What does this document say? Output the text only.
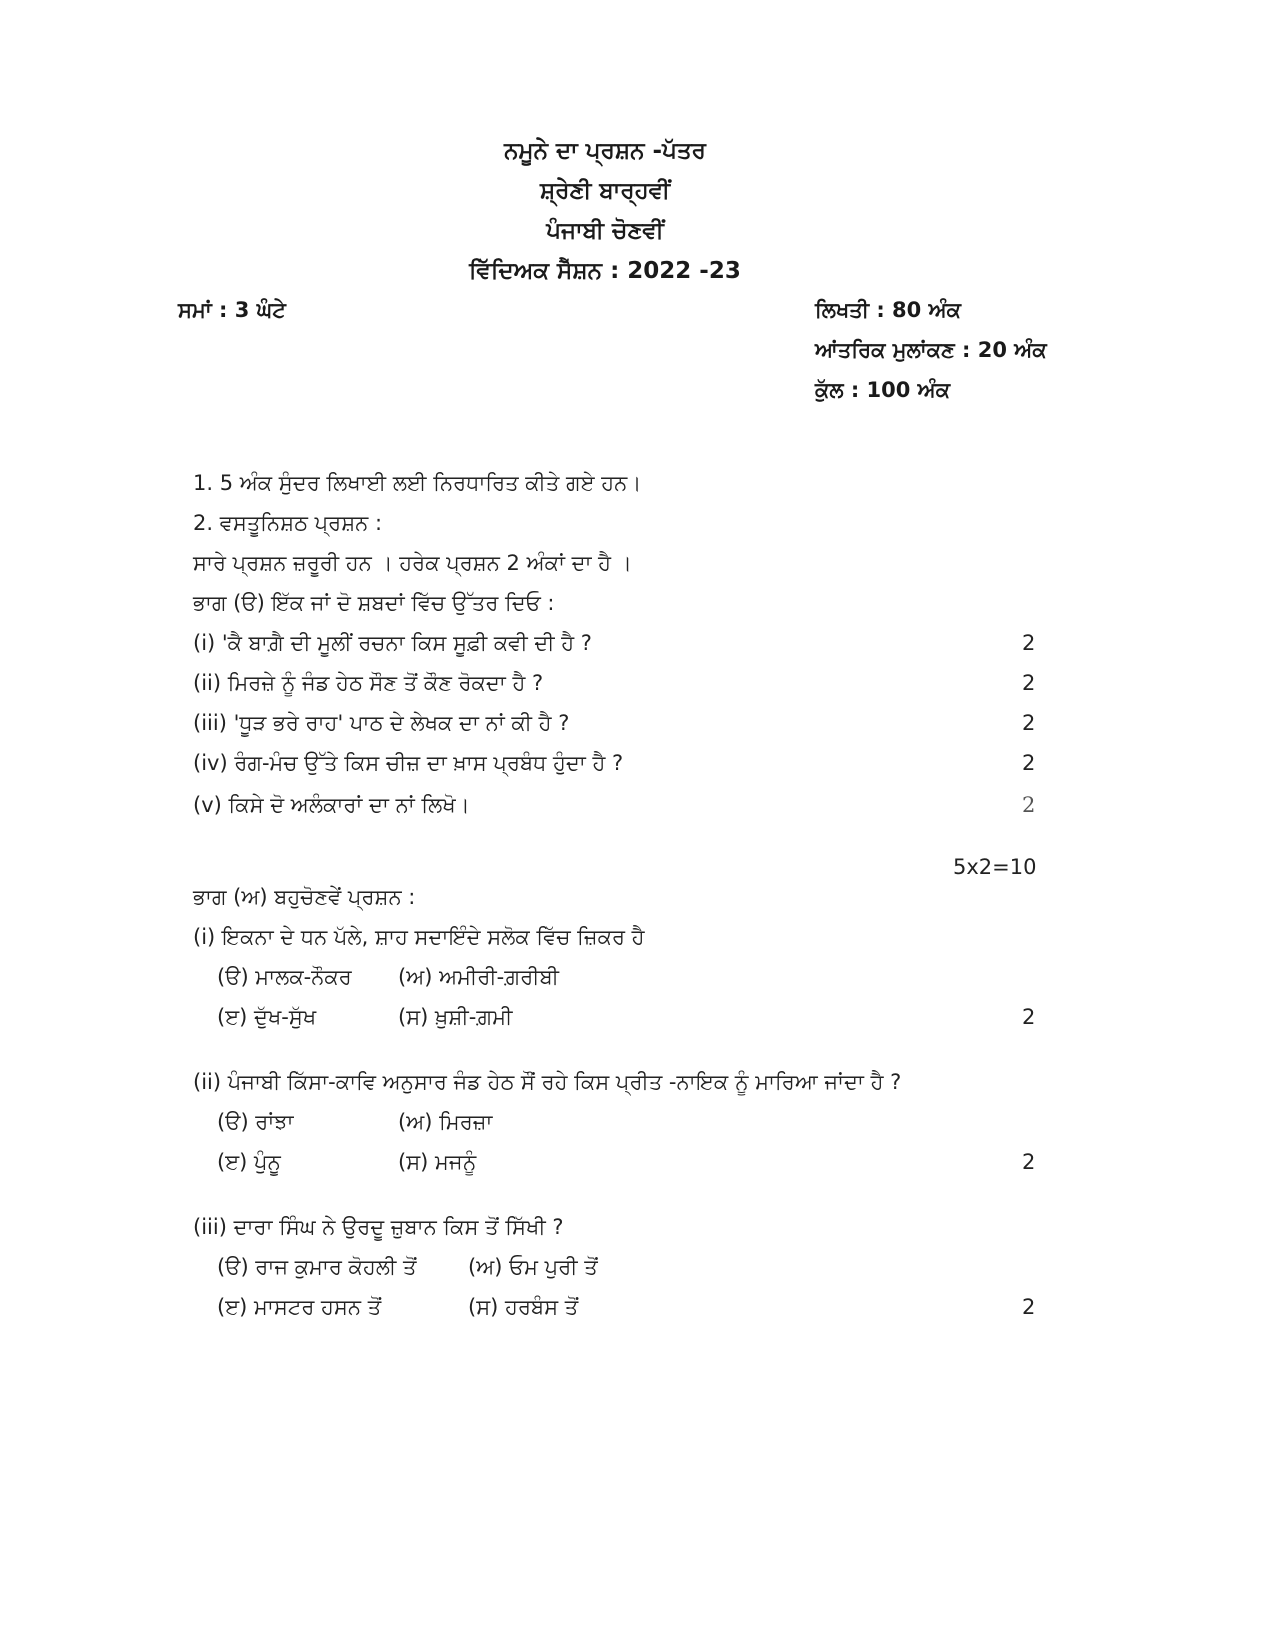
ਨਮੂਨੇ ਦਾ ਪ੍ਰਸ਼ਨ -ਪੱਤਰ
ਸ਼੍ਰੇਣੀ ਬਾਰ੍ਹਵੀਂ
ਪੰਜਾਬੀ ਚੋਣਵੀਂ
ਵਿੱਦਿਅਕ ਸੈੱਸ਼ਨ : 2022 -23
ਸਮਾਂ : 3 ਘੰਟੇ	ਲਿਖਤੀ : 80 ਅੰਕ
ਆਂਤਰਿਕ ਮੁਲਾਂਕਣ : 20 ਅੰਕ
ਕੁੱਲ : 100 ਅੰਕ
1. 5 ਅੰਕ ਸੁੰਦਰ ਲਿਖਾਈ ਲਈ ਨਿਰਧਾਰਿਤ ਕੀਤੇ ਗਏ ਹਨ।
2. ਵਸਤੂਨਿਸ਼ਠ ਪ੍ਰਸ਼ਨ :
ਸਾਰੇ ਪ੍ਰਸ਼ਨ ਜ਼ਰੂਰੀ ਹਨ । ਹਰੇਕ ਪ੍ਰਸ਼ਨ 2 ਅੰਕਾਂ ਦਾ ਹੈ ।
ਭਾਗ (ੳ) ਇੱਕ ਜਾਂ ਦੋ ਸ਼ਬਦਾਂ ਵਿੱਚ ਉੱਤਰ ਦਿਓ :
(i) 'ਕੈ ਬਾਗ਼ੈ ਦੀ ਮੂਲੀਂ ਰਚਨਾ ਕਿਸ ਸੂਫ਼ੀ ਕਵੀ ਦੀ ਹੈ ?	2
(ii) ਮਿਰਜ਼ੇ ਨੂੰ ਜੰਡ ਹੇਠ ਸੌਣ ਤੋਂ ਕੌਣ ਰੋਕਦਾ ਹੈ ?	2
(iii) 'ਧੂੜ ਭਰੇ ਰਾਹ' ਪਾਠ ਦੇ ਲੇਖਕ ਦਾ ਨਾਂ ਕੀ ਹੈ ?	2
(iv) ਰੰਗ-ਮੰਚ ਉੱਤੇ ਕਿਸ ਚੀਜ਼ ਦਾ ਖ਼ਾਸ ਪ੍ਰਬੰਧ ਹੁੰਦਾ ਹੈ ?	2
(v) ਕਿਸੇ ਦੋ ਅਲੰਕਾਰਾਂ ਦਾ ਨਾਂ ਲਿਖੋ।	2
5x2=10
ਭਾਗ (ਅ) ਬਹੁਚੋਣਵੇਂ ਪ੍ਰਸ਼ਨ :
(i) ਇਕਨਾ ਦੇ ਧਨ ਪੱਲੇ, ਸ਼ਾਹ ਸਦਾਇੰਦੇ ਸਲੋਕ ਵਿੱਚ ਜ਼ਿਕਰ ਹੈ
(ੳ) ਮਾਲਕ-ਨੌਕਰ (ਅ) ਅਮੀਰੀ-ਗ਼ਰੀਬੀ
(ੲ) ਦੁੱਖ-ਸੁੱਖ	(ਸ) ਖ਼ੁਸ਼ੀ-ਗ਼ਮੀ	2
(ii) ਪੰਜਾਬੀ ਕਿੱਸਾ-ਕਾਵਿ ਅਨੁਸਾਰ ਜੰਡ ਹੇਠ ਸੌਂ ਰਹੇ ਕਿਸ ਪ੍ਰੀਤ -ਨਾਇਕ ਨੂੰ ਮਾਰਿਆ ਜਾਂਦਾ ਹੈ ?
(ੳ) ਰਾਂਝਾ	(ਅ) ਮਿਰਜ਼ਾ
(ੲ) ਪੁੰਨੂ	(ਸ) ਮਜਨੂੰ	2
(iii) ਦਾਰਾ ਸਿੰਘ ਨੇ ਉਰਦੂ ਜ਼ੁਬਾਨ ਕਿਸ ਤੋਂ ਸਿੱਖੀ ?
(ੳ) ਰਾਜ ਕੁਮਾਰ ਕੋਹਲੀ ਤੋਂ (ਅ) ਓਮ ਪੁਰੀ ਤੋਂ
(ੲ) ਮਾਸਟਰ ਹਸਨ ਤੋਂ	(ਸ) ਹਰਬੰਸ ਤੋਂ	2
